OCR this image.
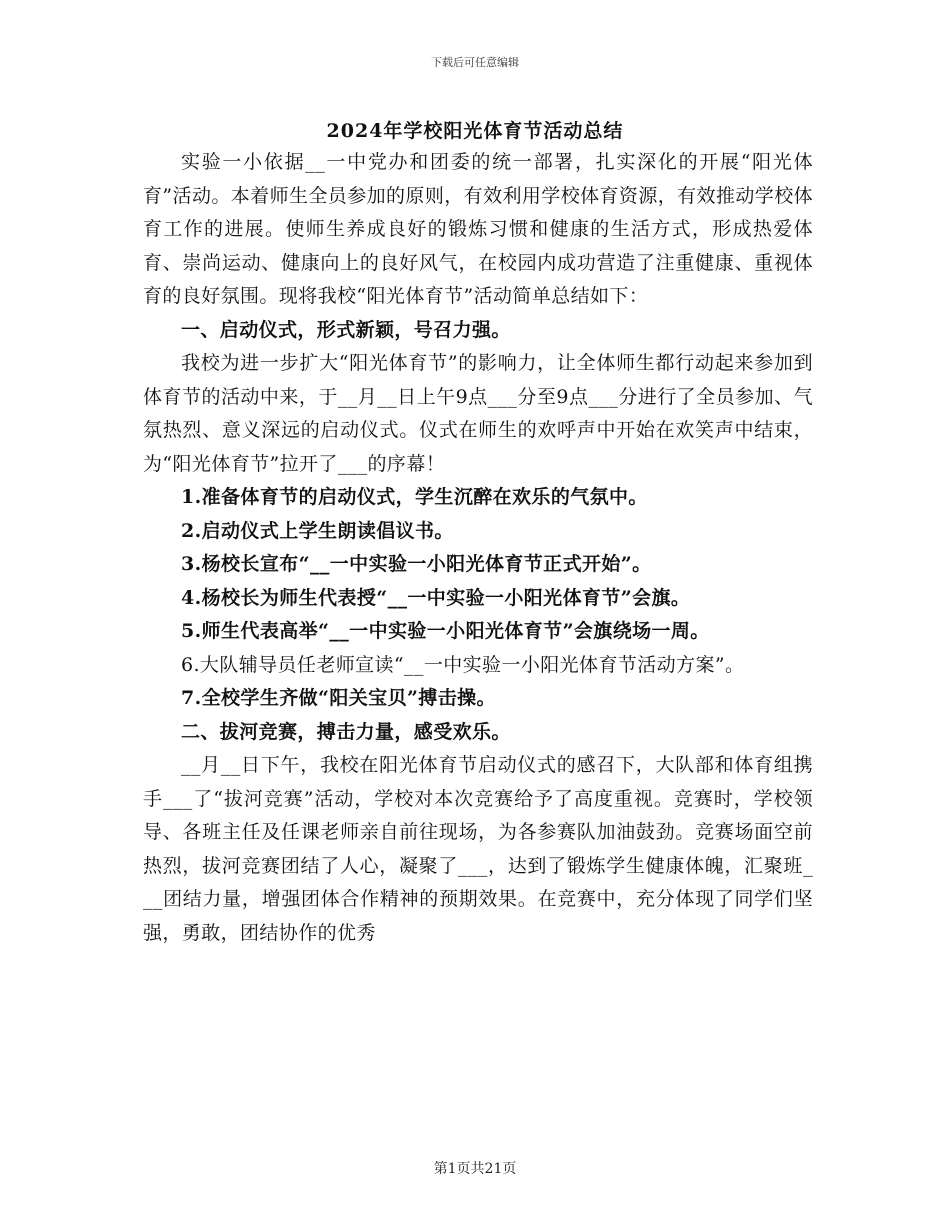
下载后可任意编辑
2024年学校阳光体育节活动总结

实验一小依据__一中党办和团委的统一部署，扎实深化的开展“阳光体育”活动。本着师生全员参加的原则，有效利用学校体育资源，有效推动学校体育工作的进展。使师生养成良好的锻炼习惯和健康的生活方式，形成热爱体育、崇尚运动、健康向上的良好风气，在校园内成功营造了注重健康、重视体育的良好氛围。现将我校“阳光体育节”活动简单总结如下：

一、启动仪式，形式新颖，号召力强。

我校为进一步扩大“阳光体育节”的影响力，让全体师生都行动起来参加到体育节的活动中来，于__月__日上午9点___分至9点___分进行了全员参加、气氛热烈、意义深远的启动仪式。仪式在师生的欢呼声中开始在欢笑声中结束，为“阳光体育节”拉开了___的序幕！

1.准备体育节的启动仪式，学生沉醉在欢乐的气氛中。

2.启动仪式上学生朗读倡议书。

3.杨校长宣布“__一中实验一小阳光体育节正式开始”。

4.杨校长为师生代表授“__一中实验一小阳光体育节”会旗。

5.师生代表高举“__一中实验一小阳光体育节”会旗绕场一周。

6.大队辅导员任老师宣读“__一中实验一小阳光体育节活动方案”。

7.全校学生齐做“阳关宝贝”搏击操。

二、拔河竞赛，搏击力量，感受欢乐。

__月__日下午，我校在阳光体育节启动仪式的感召下，大队部和体育组携手___了“拔河竞赛”活动，学校对本次竞赛给予了高度重视。竞赛时，学校领导、各班主任及任课老师亲自前往现场，为各参赛队加油鼓劲。竞赛场面空前热烈，拔河竞赛团结了人心，凝聚了___，达到了锻炼学生健康体魄，汇聚班___团结力量，增强团体合作精神的预期效果。在竞赛中，充分体现了同学们坚强，勇敢，团结协作的优秀

第1页共21页
